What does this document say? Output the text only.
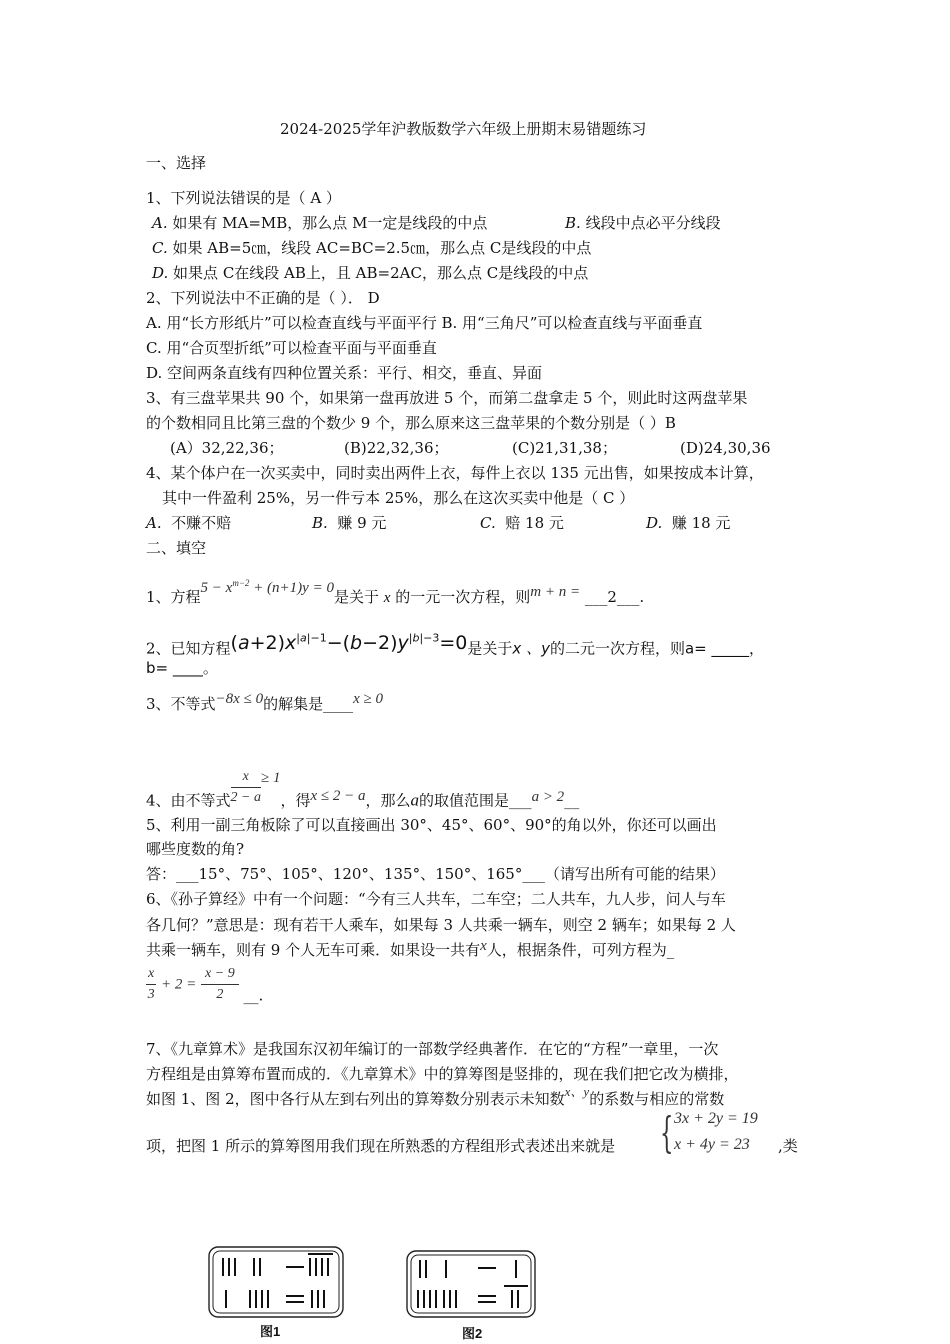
2024-2025学年沪教版数学六年级上册期末易错题练习
一、选择
1、下列说法错误的是（ A ）
A. 如果有 MA=MB，那么点 M一定是线段的中点	B. 线段中点必平分线段
C. 如果 AB=5㎝，线段 AC=BC=2.5㎝，那么点 C是线段的中点
D. 如果点 C在线段 AB上，且 AB=2AC，那么点 C是线段的中点
2、下列说法中不正确的是（ ）． D
A. 用“长方形纸片”可以检查直线与平面平行 B. 用“三角尺”可以检查直线与平面垂直
C. 用“合页型折纸”可以检查平面与平面垂直
D. 空间两条直线有四种位置关系：平行、相交，垂直、异面
3、有三盘苹果共 90 个，如果第一盘再放进 5 个，而第二盘拿走 5 个，则此时这两盘苹果
的个数相同且比第三盘的个数少 9 个，那么原来这三盘苹果的个数分别是（ ）B
(A）32,22,36；	(B)22,32,36；	(C)21,31,38；	(D)24,30,36
4、某个体户在一次买卖中，同时卖出两件上衣，每件上衣以 135 元出售，如果按成本计算，
其中一件盈利 25%，另一件亏本 25%，那么在这次买卖中他是（ C ）
A. 不赚不赔	B. 赚 9 元	C. 赔 18 元	D. 赚 18 元
二、填空
1、方程$5 - x^{m-2} + (n+1)y = 0$是关于 x 的一元一次方程，则m + n = ___2___.
2、已知方程$(a+2)x^{|a|-1}-(b-2)y^{|b|-3}=0$是关于x 、y的二元一次方程，则a= _____，
b= ____。
3、不等式−8x ≤ 0的解集是____x ≥ 0
4、由不等式 $\frac{x}{2 - a} \ge 1$，得x ≤ 2 − a，那么a的取值范围是___a > 2__
5、利用一副三角板除了可以直接画出 30°、45°、60°、90°的角以外，你还可以画出
哪些度数的角?
答：___15°、75°、105°、120°、135°、150°、165°___（请写出所有可能的结果）
6、《孙子算经》中有一个问题：“今有三人共车，二车空；二人共车，九人步，问人与车
各几何？”意思是：现有若干人乘车，如果每 3 人共乘一辆车，则空 2 辆车；如果每 2 人
共乘一辆车，则有 9 个人无车可乘．如果设一共有x人，根据条件，可列方程为_
$\frac{x}{3} + 2 = \frac{x - 9}{2}$ __.
7、《九章算术》是我国东汉初年编订的一部数学经典著作．在它的“方程”一章里，一次
方程组是由算筹布置而成的．《九章算术》中的算筹图是竖排的，现在我们把它改为横排，
如图 1、图 2，图中各行从左到右列出的算筹数分别表示未知数x、y的系数与相应的常数
项，把图 1 所示的算筹图用我们现在所熟悉的方程组形式表述出来就是 { 3x + 2y = 19
x + 4y = 23 ,类
图1	图2
